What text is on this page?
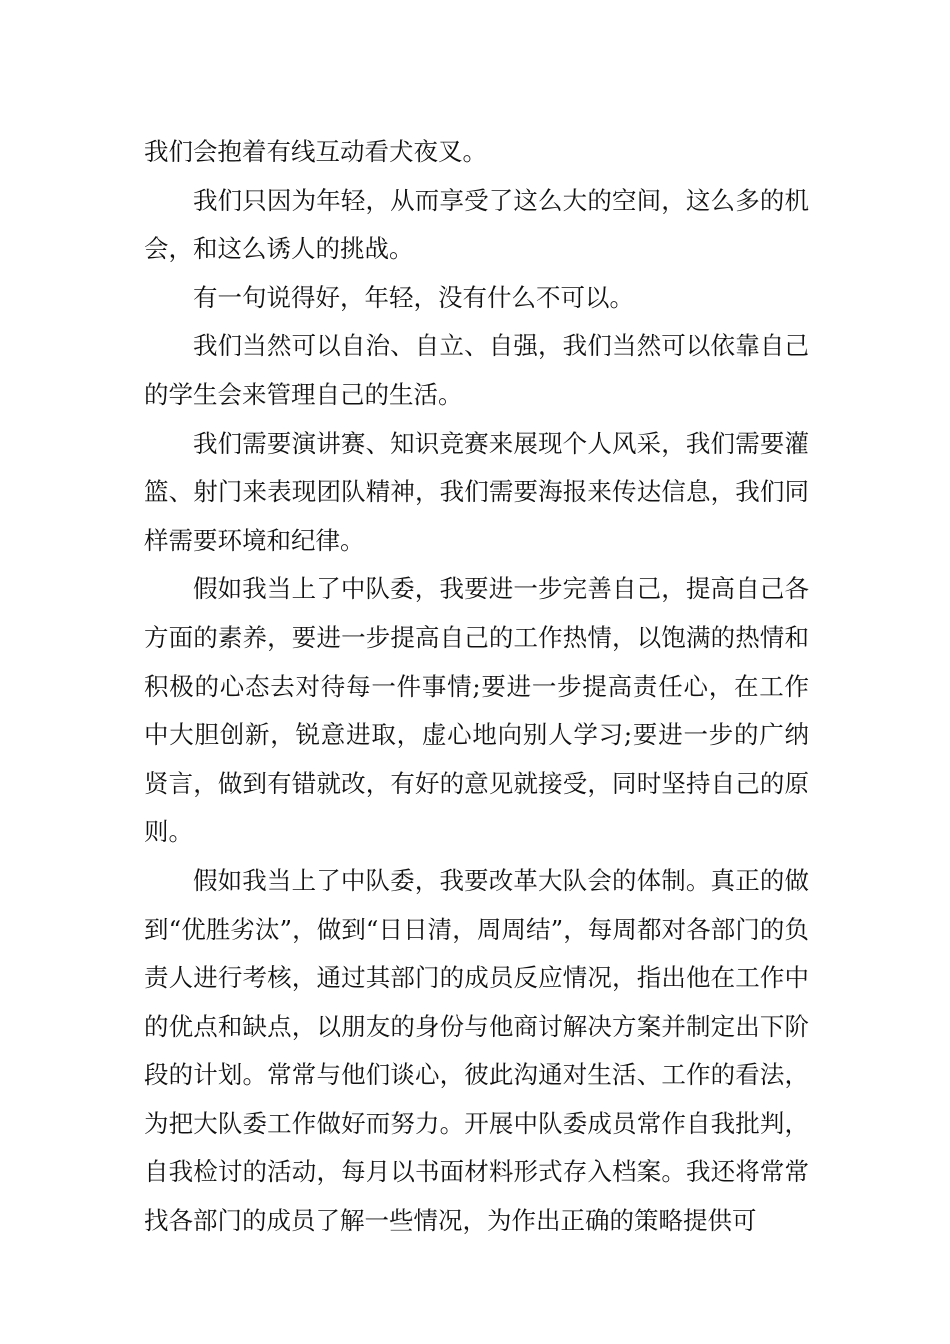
我们会抱着有线互动看犬夜叉。

我们只因为年轻，从而享受了这么大的空间，这么多的机会，和这么诱人的挑战。

有一句说得好，年轻，没有什么不可以。

我们当然可以自治、自立、自强，我们当然可以依靠自己的学生会来管理自己的生活。

我们需要演讲赛、知识竞赛来展现个人风采，我们需要灌篮、射门来表现团队精神，我们需要海报来传达信息，我们同样需要环境和纪律。

假如我当上了中队委，我要进一步完善自己，提高自己各方面的素养，要进一步提高自己的工作热情，以饱满的热情和积极的心态去对待每一件事情;要进一步提高责任心，在工作中大胆创新，锐意进取，虚心地向别人学习;要进一步的广纳贤言，做到有错就改，有好的意见就接受，同时坚持自己的原则。

假如我当上了中队委，我要改革大队会的体制。真正的做到“优胜劣汰”，做到“日日清，周周结”，每周都对各部门的负责人进行考核，通过其部门的成员反应情况，指出他在工作中的优点和缺点，以朋友的身份与他商讨解决方案并制定出下阶段的计划。常常与他们谈心，彼此沟通对生活、工作的看法，为把大队委工作做好而努力。开展中队委成员常作自我批判，自我检讨的活动，每月以书面材料形式存入档案。我还将常常找各部门的成员了解一些情况，为作出正确的策略提供可
